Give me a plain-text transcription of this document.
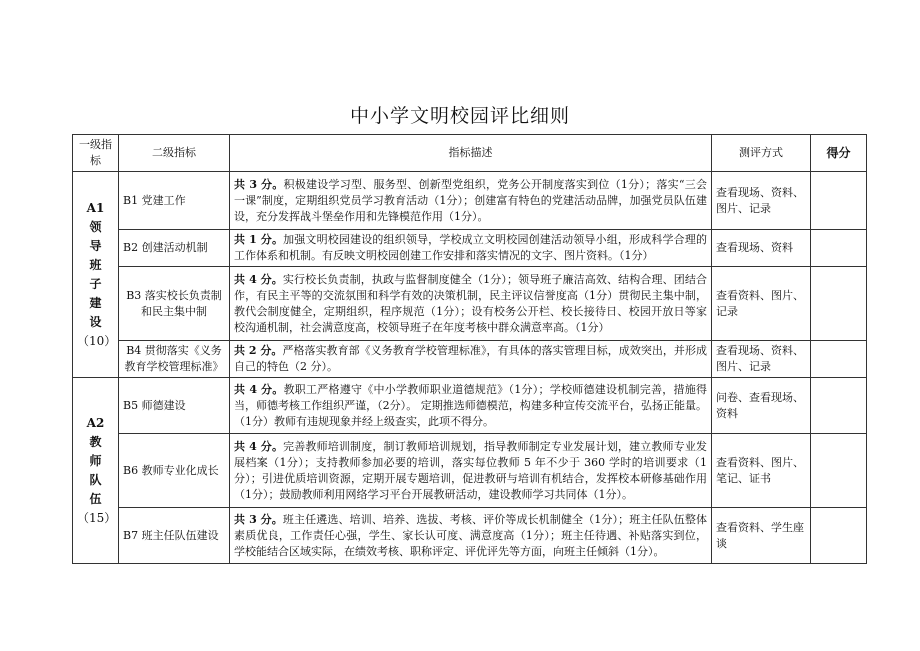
中小学文明校园评比细则
一级指标	二级指标	指标描述	测评方式	得分

A1
领导班子建设
（10）	B1 党建工作	共 3 分。积极建设学习型、服务型、创新型党组织，党务公开制度落实到位（1分）；落实“三会一课”制度，定期组织党员学习教育活动（1分）；创建富有特色的党建活动品牌，加强党员队伍建设，充分发挥战斗堡垒作用和先锋模范作用（1分）。	查看现场、资料、图片、记录	
	B2 创建活动机制	共 1 分。加强文明校园建设的组织领导，学校成立文明校园创建活动领导小组，形成科学合理的工作体系和机制。有反映文明校园创建工作安排和落实情况的文字、图片资料。（1分）	查看现场、资料	
	B3 落实校长负责制和民主集中制	共 4 分。实行校长负责制，执政与监督制度健全（1分）；领导班子廉洁高效、结构合理、团结合作，有民主平等的交流氛围和科学有效的决策机制，民主评议信誉度高（1分）贯彻民主集中制，教代会制度健全，定期组织，程序规范（1分）；设有校务公开栏、校长接待日、校园开放日等家校沟通机制，社会满意度高，校领导班子在年度考核中群众满意率高。（1分）	查看资料、图片、记录	
	B4 贯彻落实《义务教育学校管理标准》	共 2 分。严格落实教育部《义务教育学校管理标准》，有具体的落实管理目标，成效突出，并形成自己的特色（2 分）。	查看现场、资料、图片、记录	

A2
教师队伍
（15）	B5 师德建设	共 4 分。教职工严格遵守《中小学教师职业道德规范》（1分）；学校师德建设机制完善，措施得当，师德考核工作组织严谨，（2分）。 定期推选师德模范，构建多种宣传交流平台，弘扬正能量。（1分）教师有违规现象并经上级查实，此项不得分。	问卷、查看现场、资料	
	B6 教师专业化成长	共 4 分。完善教师培训制度，制订教师培训规划，指导教师制定专业发展计划，建立教师专业发展档案（1分）；支持教师参加必要的培训，落实每位教师 5 年不少于 360 学时的培训要求（1分）；引进优质培训资源，定期开展专题培训，促进教研与培训有机结合，发挥校本研修基础作用（1分）；鼓励教师利用网络学习平台开展教研活动，建设教师学习共同体（1分）。	查看资料、图片、笔记、证书	
	B7 班主任队伍建设	共 3 分。班主任遴选、培训、培养、选拔、考核、评价等成长机制健全（1分）；班主任队伍整体素质优良，工作责任心强，学生、家长认可度、满意度高（1分）；班主任待遇、补贴落实到位，学校能结合区域实际，在绩效考核、职称评定、评优评先等方面，向班主任倾斜（1分）。	查看资料、学生座谈	
